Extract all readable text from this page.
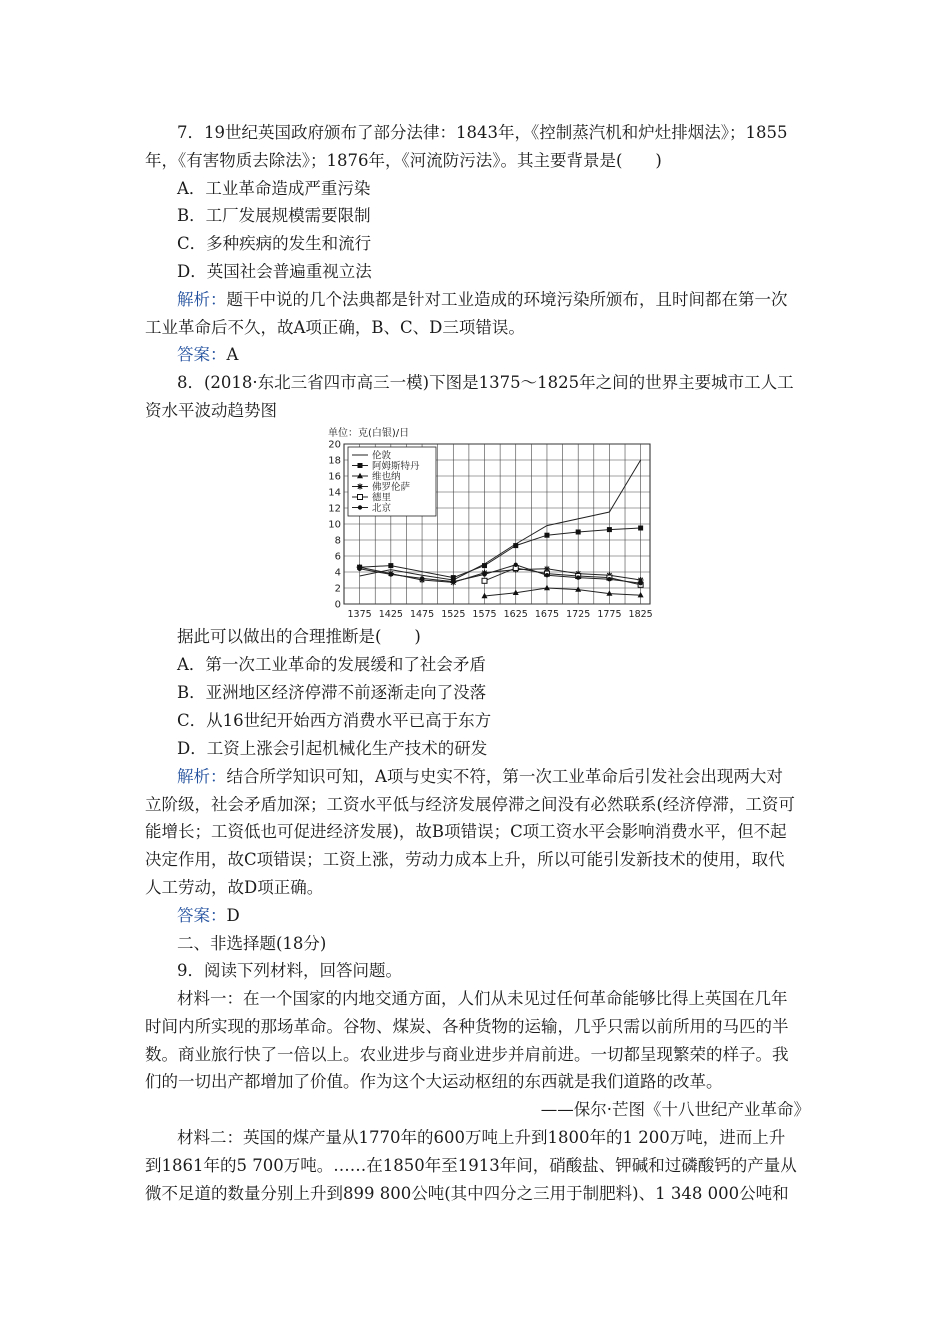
7．19世纪英国政府颁布了部分法律：1843年，《控制蒸汽机和炉灶排烟法》；1855
年，《有害物质去除法》；1876年，《河流防污法》。其主要背景是(　　)
A．工业革命造成严重污染
B．工厂发展规模需要限制
C．多种疾病的发生和流行
D．英国社会普遍重视立法
解析：题干中说的几个法典都是针对工业造成的环境污染所颁布，且时间都在第一次
工业革命后不久，故A项正确，B、C、D三项错误。
答案：A
8．(2018·东北三省四市高三一模)下图是1375～1825年之间的世界主要城市工人工
资水平波动趋势图
0
2
4
6
8
10
12
14
16
18
20
1375 1425 1475 1525 1575 1625 1675 1725 1775 1825
单位：克(白银)/日
伦敦
阿姆斯特丹
维也纳
佛罗伦萨
德里
北京
据此可以做出的合理推断是(　　)
A．第一次工业革命的发展缓和了社会矛盾
B．亚洲地区经济停滞不前逐渐走向了没落
C．从16世纪开始西方消费水平已高于东方
D．工资上涨会引起机械化生产技术的研发
解析：结合所学知识可知，A项与史实不符，第一次工业革命后引发社会出现两大对
立阶级，社会矛盾加深；工资水平低与经济发展停滞之间没有必然联系(经济停滞，工资可
能增长；工资低也可促进经济发展)，故B项错误；C项工资水平会影响消费水平，但不起
决定作用，故C项错误；工资上涨，劳动力成本上升，所以可能引发新技术的使用，取代
人工劳动，故D项正确。
答案：D
二、非选择题(18分)
9．阅读下列材料，回答问题。
材料一：在一个国家的内地交通方面，人们从未见过任何革命能够比得上英国在几年
时间内所实现的那场革命。谷物、煤炭、各种货物的运输，几乎只需以前所用的马匹的半
数。商业旅行快了一倍以上。农业进步与商业进步并肩前进。一切都呈现繁荣的样子。我
们的一切出产都增加了价值。作为这个大运动枢纽的东西就是我们道路的改革。
——保尔·芒图《十八世纪产业革命》
材料二：英国的煤产量从1770年的600万吨上升到1800年的1 200万吨，进而上升
到1861年的5 700万吨。……在1850年至1913年间，硝酸盐、钾碱和过磷酸钙的产量从
微不足道的数量分别上升到899 800公吨(其中四分之三用于制肥料)、1 348 000公吨和
